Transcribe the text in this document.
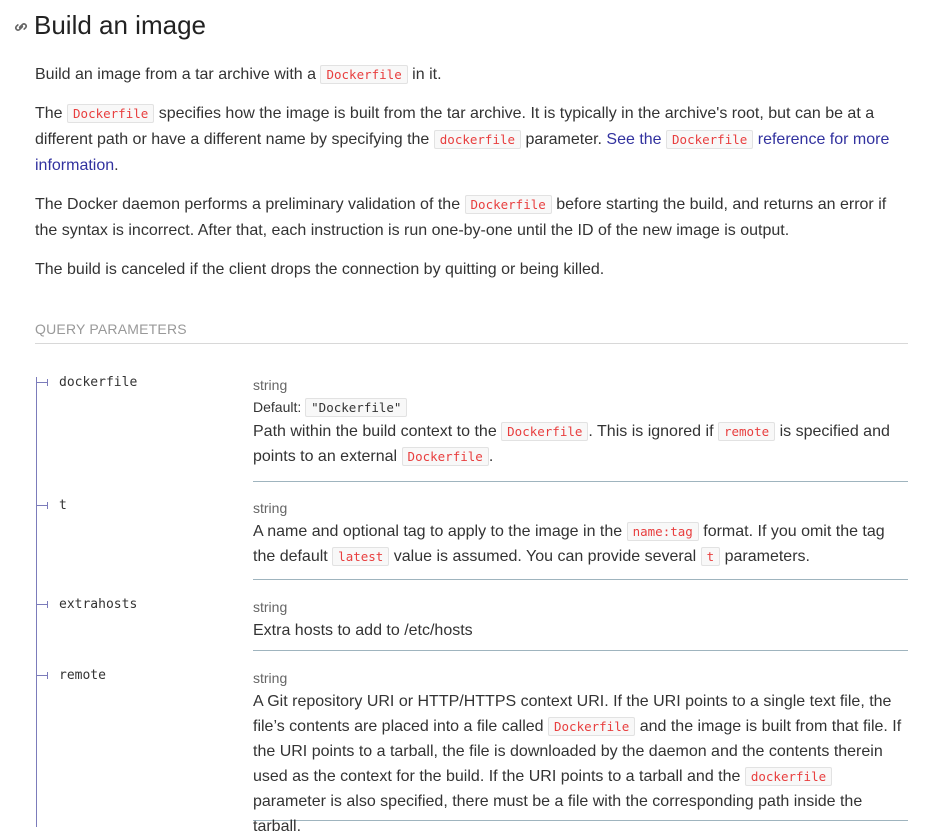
Build an image

Build an image from a tar archive with a Dockerfile in it.

The Dockerfile specifies how the image is built from the tar archive. It is typically in the archive's root, but can be at a different path or have a different name by specifying the dockerfile parameter. See the Dockerfile reference for more information.

The Docker daemon performs a preliminary validation of the Dockerfile before starting the build, and returns an error if the syntax is incorrect. After that, each instruction is run one-by-one until the ID of the new image is output.

The build is canceled if the client drops the connection by quitting or being killed.

QUERY PARAMETERS
dockerfile	string
Default: "Dockerfile"
Path within the build context to the Dockerfile . This is ignored if remote is specified and points to an external Dockerfile .
t	string
A name and optional tag to apply to the image in the name:tag format. If you omit the tag the default latest value is assumed. You can provide several t parameters.
extrahosts	string
Extra hosts to add to /etc/hosts
remote	string
A Git repository URI or HTTP/HTTPS context URI. If the URI points to a single text file, the file’s contents are placed into a file called Dockerfile and the image is built from that file. If the URI points to a tarball, the file is downloaded by the daemon and the contents therein used as the context for the build. If the URI points to a tarball and the dockerfile parameter is also specified, there must be a file with the corresponding path inside the tarball.
